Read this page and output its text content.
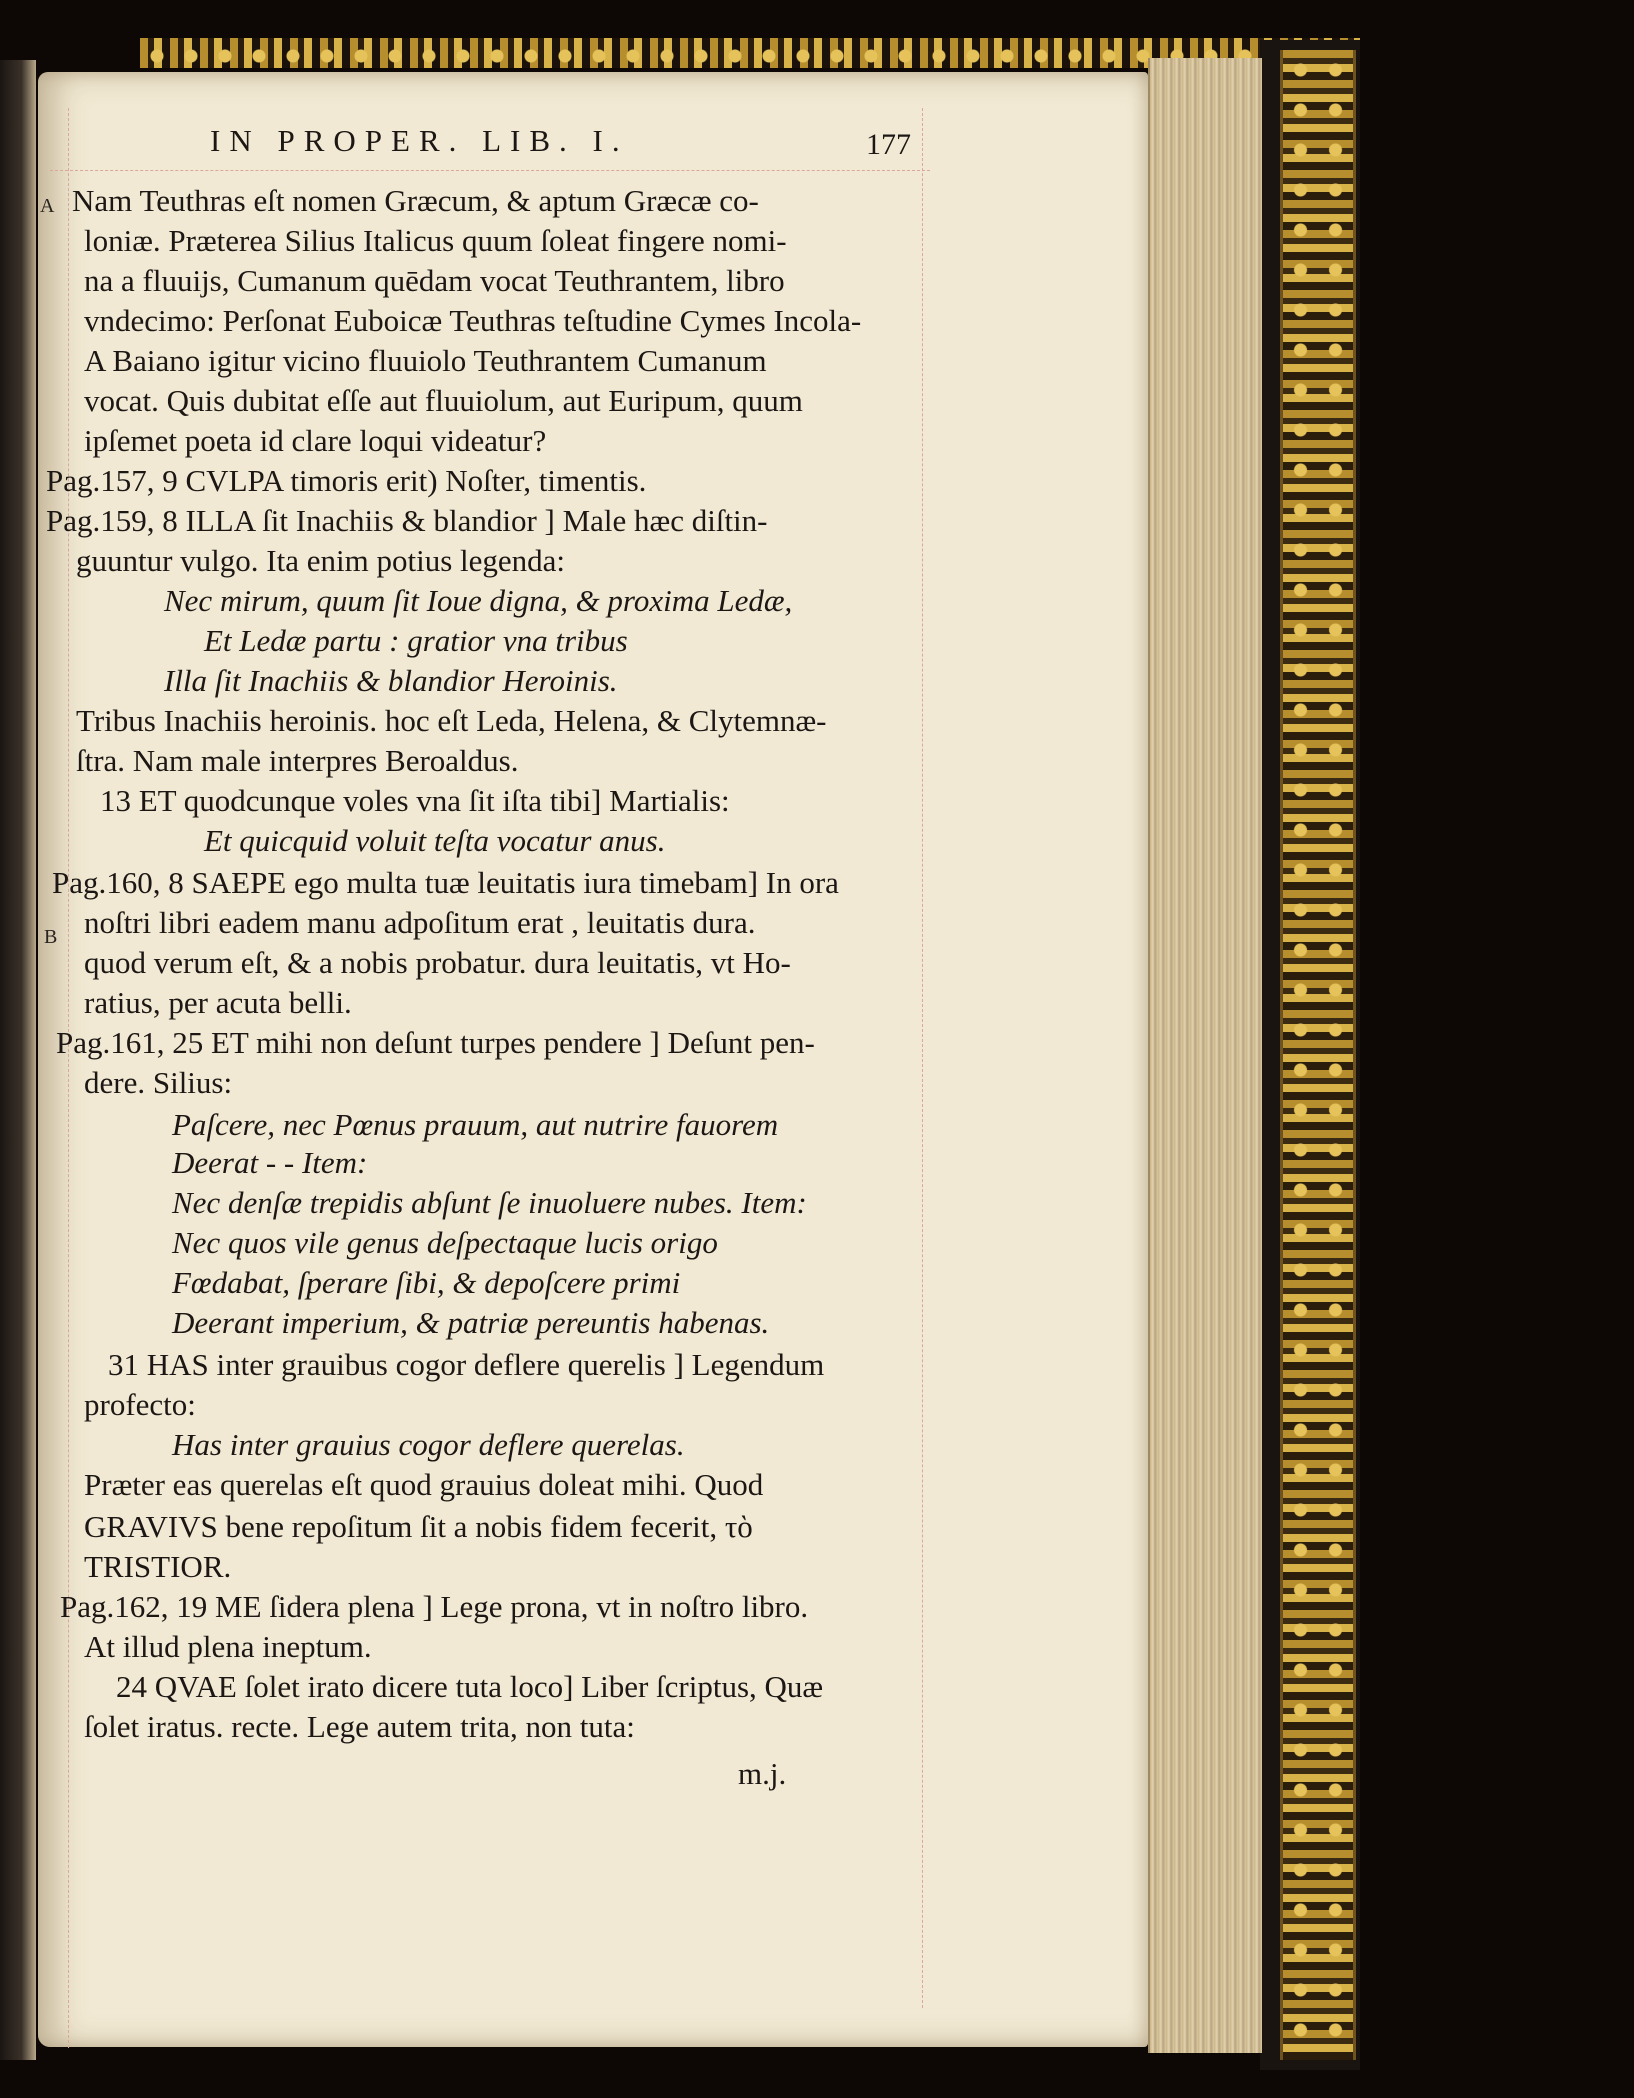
IN PROPER. LIB. I.	177
A
B
Nam Teuthras eſt nomen Græcum, & aptum Græcæ co-
loniæ. Præterea Silius Italicus quum ſoleat fingere nomi-
na a fluuijs, Cumanum quēdam vocat Teuthrantem, libro
vndecimo: Perſonat Euboicæ Teuthras teſtudine Cymes Incola-
A Baiano igitur vicino fluuiolo Teuthrantem Cumanum
vocat. Quis dubitat eſſe aut fluuiolum, aut Euripum, quum
ipſemet poeta id clare loqui videatur?
Pag.157, 9 CVLPA timoris erit) Noſter, timentis.
Pag.159, 8 ILLA ſit Inachiis & blandior ] Male hæc diſtin-
guuntur vulgo. Ita enim potius legenda:
Nec mirum, quum ſit Ioue digna, & proxima Ledæ,
Et Ledæ partu : gratior vna tribus
Illa ſit Inachiis & blandior Heroinis.
Tribus Inachiis heroinis. hoc eſt Leda, Helena, & Clytemnæ-
ſtra. Nam male interpres Beroaldus.
13 ET quodcunque voles vna ſit iſta tibi] Martialis:
Et quicquid voluit teſta vocatur anus.
Pag.160, 8 SAEPE ego multa tuæ leuitatis iura timebam] In ora
noſtri libri eadem manu adpoſitum erat , leuitatis dura.
quod verum eſt, & a nobis probatur. dura leuitatis, vt Ho-
ratius, per acuta belli.
Pag.161, 25 ET mihi non deſunt turpes pendere ] Deſunt pen-
dere. Silius:
Paſcere, nec Pœnus prauum, aut nutrire fauorem
Deerat - - Item:
Nec denſæ trepidis abſunt ſe inuoluere nubes. Item:
Nec quos vile genus deſpectaque lucis origo
Fœdabat, ſperare ſibi, & depoſcere primi
Deerant imperium, & patriæ pereuntis habenas.
31 HAS inter grauibus cogor deflere querelis ] Legendum
profecto:
Has inter grauius cogor deflere querelas.
Præter eas querelas eſt quod grauius doleat mihi. Quod
GRAVIVS bene repoſitum ſit a nobis fidem fecerit, τὸ
TRISTIOR.
Pag.162, 19 ME ſidera plena ] Lege prona, vt in noſtro libro.
At illud plena ineptum.
24 QVAE ſolet irato dicere tuta loco] Liber ſcriptus, Quæ
ſolet iratus. recte. Lege autem trita, non tuta:
m.j.
